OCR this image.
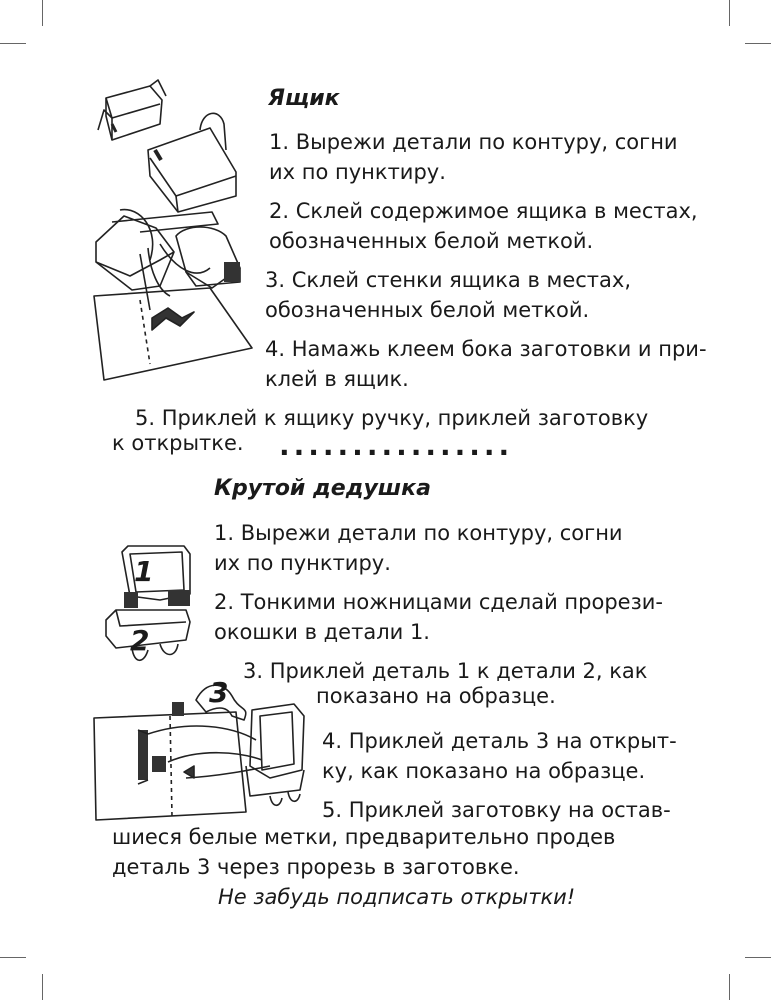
1
2
3
Ящик
1. Вырежи детали по контуру, согни
их по пунктиру.
2. Склей содержимое ящика в местах,
обозначенных белой меткой.
3. Склей стенки ящика в местах,
обозначенных белой меткой.
4. Намажь клеем бока заготовки и при-
клей в ящик.
5. Приклей к ящику ручку, приклей заготовку
к открытке. ................
Крутой дедушка
1. Вырежи детали по контуру, согни
их по пунктиру.
2. Тонкими ножницами сделай прорези-
окошки в детали 1.
3. Приклей деталь 1 к детали 2, как
показано на образце.
4. Приклей деталь 3 на открыт-
ку, как показано на образце.
5. Приклей заготовку на остав-
шиеся белые метки, предварительно продев
деталь 3 через прорезь в заготовке.
Не забудь подписать открытки!
